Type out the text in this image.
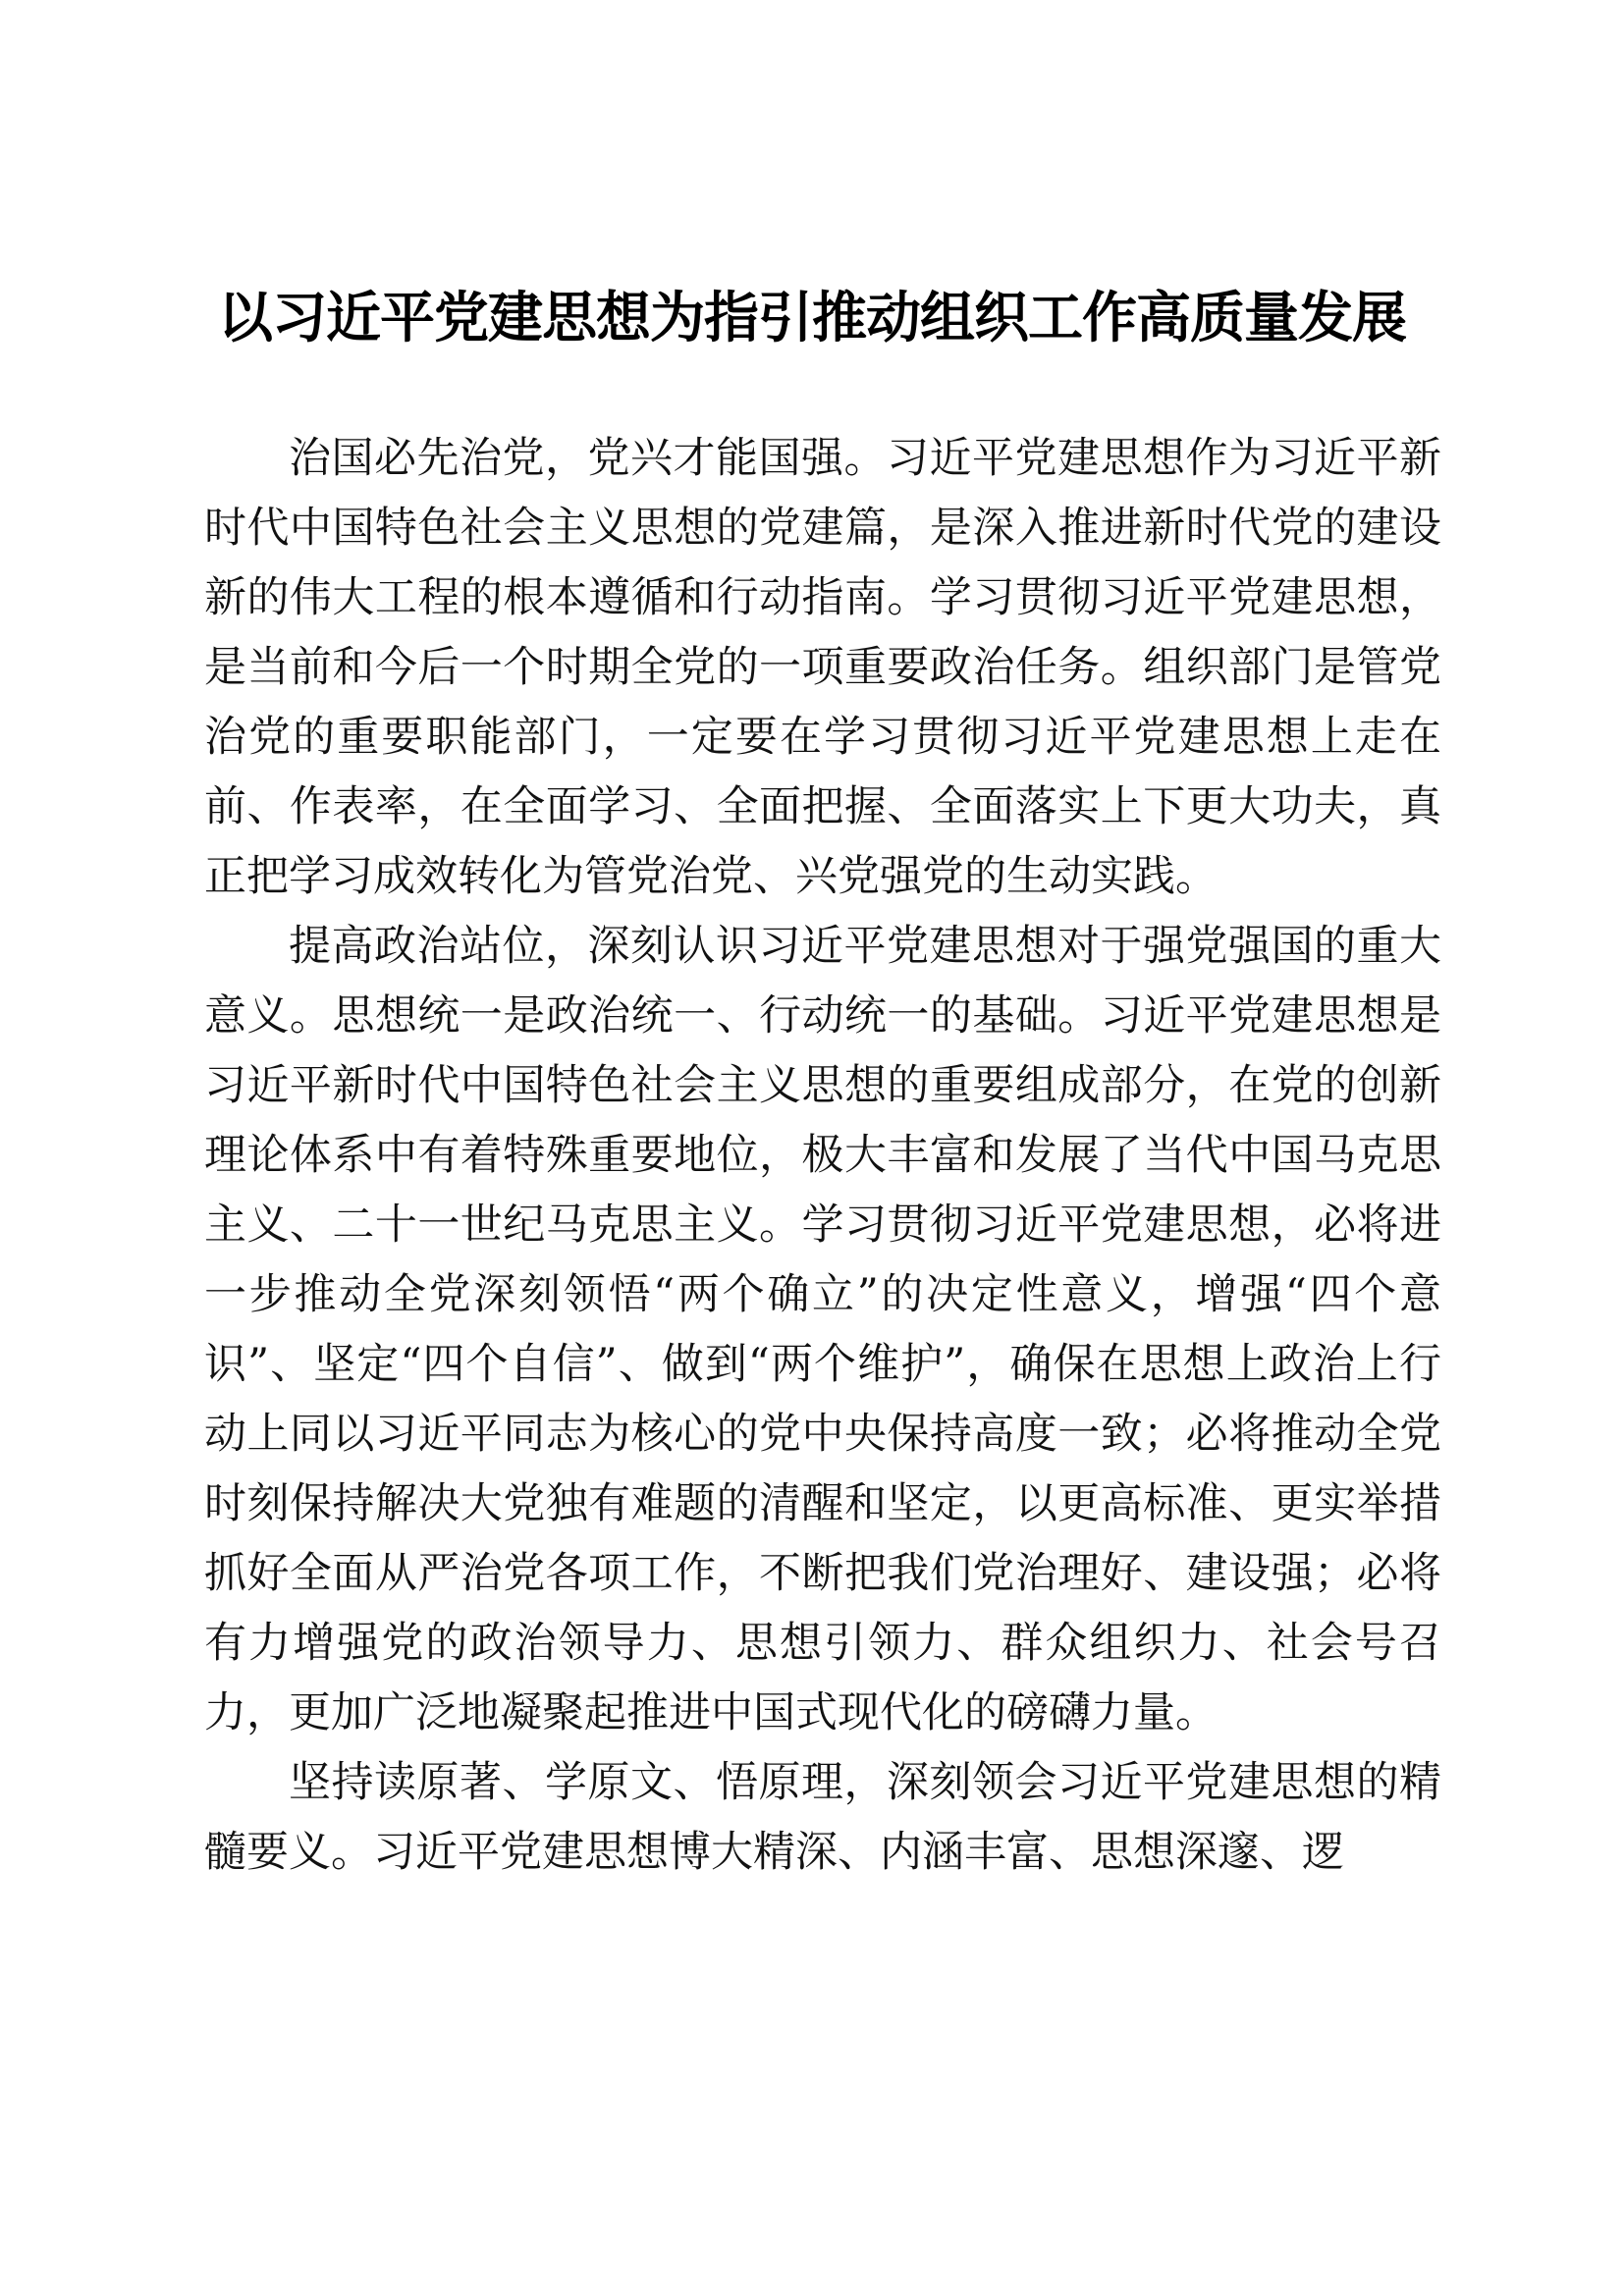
以习近平党建思想为指引推动组织工作高质量发展

治国必先治党，党兴才能国强。习近平党建思想作为习近平新时代中国特色社会主义思想的党建篇，是深入推进新时代党的建设新的伟大工程的根本遵循和行动指南。学习贯彻习近平党建思想，是当前和今后一个时期全党的一项重要政治任务。组织部门是管党治党的重要职能部门，一定要在学习贯彻习近平党建思想上走在前、作表率，在全面学习、全面把握、全面落实上下更大功夫，真正把学习成效转化为管党治党、兴党强党的生动实践。

提高政治站位，深刻认识习近平党建思想对于强党强国的重大意义。思想统一是政治统一、行动统一的基础。习近平党建思想是习近平新时代中国特色社会主义思想的重要组成部分，在党的创新理论体系中有着特殊重要地位，极大丰富和发展了当代中国马克思主义、二十一世纪马克思主义。学习贯彻习近平党建思想，必将进一步推动全党深刻领悟“两个确立”的决定性意义，增强“四个意识”、坚定“四个自信”、做到“两个维护”，确保在思想上政治上行动上同以习近平同志为核心的党中央保持高度一致；必将推动全党时刻保持解决大党独有难题的清醒和坚定，以更高标准、更实举措抓好全面从严治党各项工作，不断把我们党治理好、建设强；必将有力增强党的政治领导力、思想引领力、群众组织力、社会号召力，更加广泛地凝聚起推进中国式现代化的磅礴力量。

坚持读原著、学原文、悟原理，深刻领会习近平党建思想的精髓要义。习近平党建思想博大精深、内涵丰富、思想深邃、逻
